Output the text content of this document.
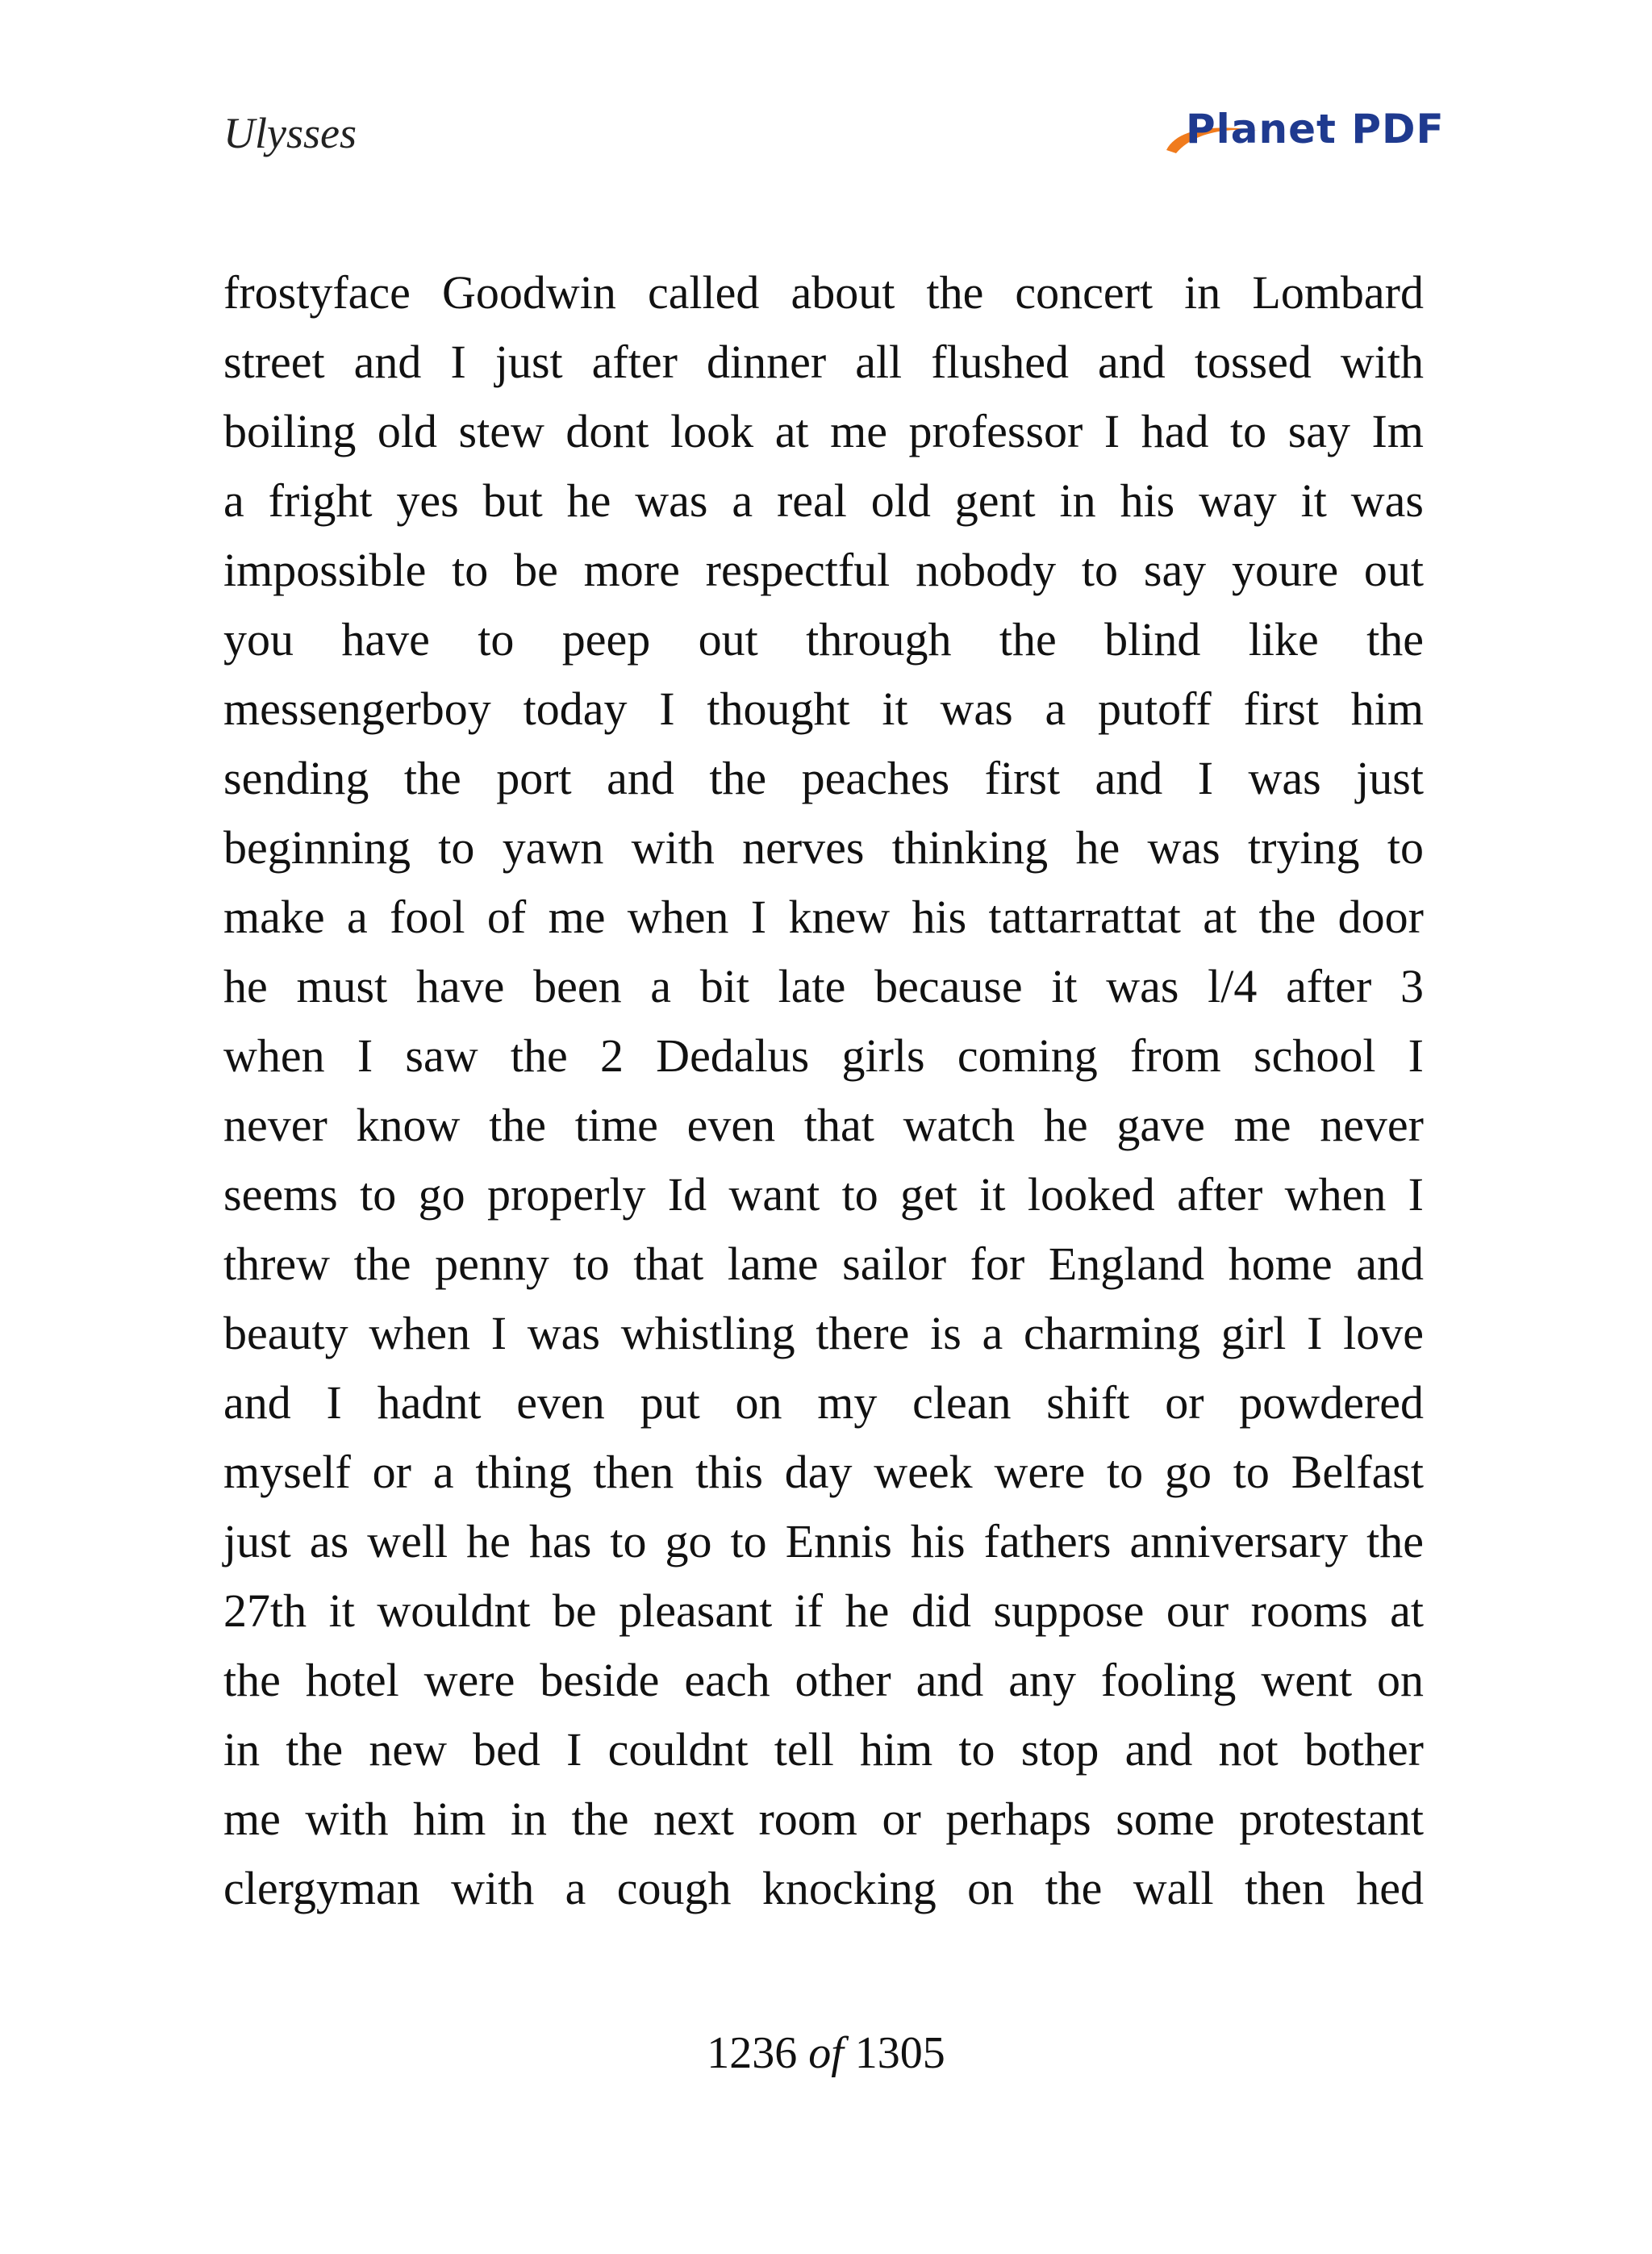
Ulysses	Planet PDF
frostyface Goodwin called about the concert in Lombard
street and I just after dinner all flushed and tossed with
boiling old stew dont look at me professor I had to say Im
a fright yes but he was a real old gent in his way it was
impossible to be more respectful nobody to say youre out
you have to peep out through the blind like the
messengerboy today I thought it was a putoff first him
sending the port and the peaches first and I was just
beginning to yawn with nerves thinking he was trying to
make a fool of me when I knew his tattarrattat at the door
he must have been a bit late because it was l/4 after 3
when I saw the 2 Dedalus girls coming from school I
never know the time even that watch he gave me never
seems to go properly Id want to get it looked after when I
threw the penny to that lame sailor for England home and
beauty when I was whistling there is a charming girl I love
and I hadnt even put on my clean shift or powdered
myself or a thing then this day week were to go to Belfast
just as well he has to go to Ennis his fathers anniversary the
27th it wouldnt be pleasant if he did suppose our rooms at
the hotel were beside each other and any fooling went on
in the new bed I couldnt tell him to stop and not bother
me with him in the next room or perhaps some protestant
clergyman with a cough knocking on the wall then hed
1236 of 1305
